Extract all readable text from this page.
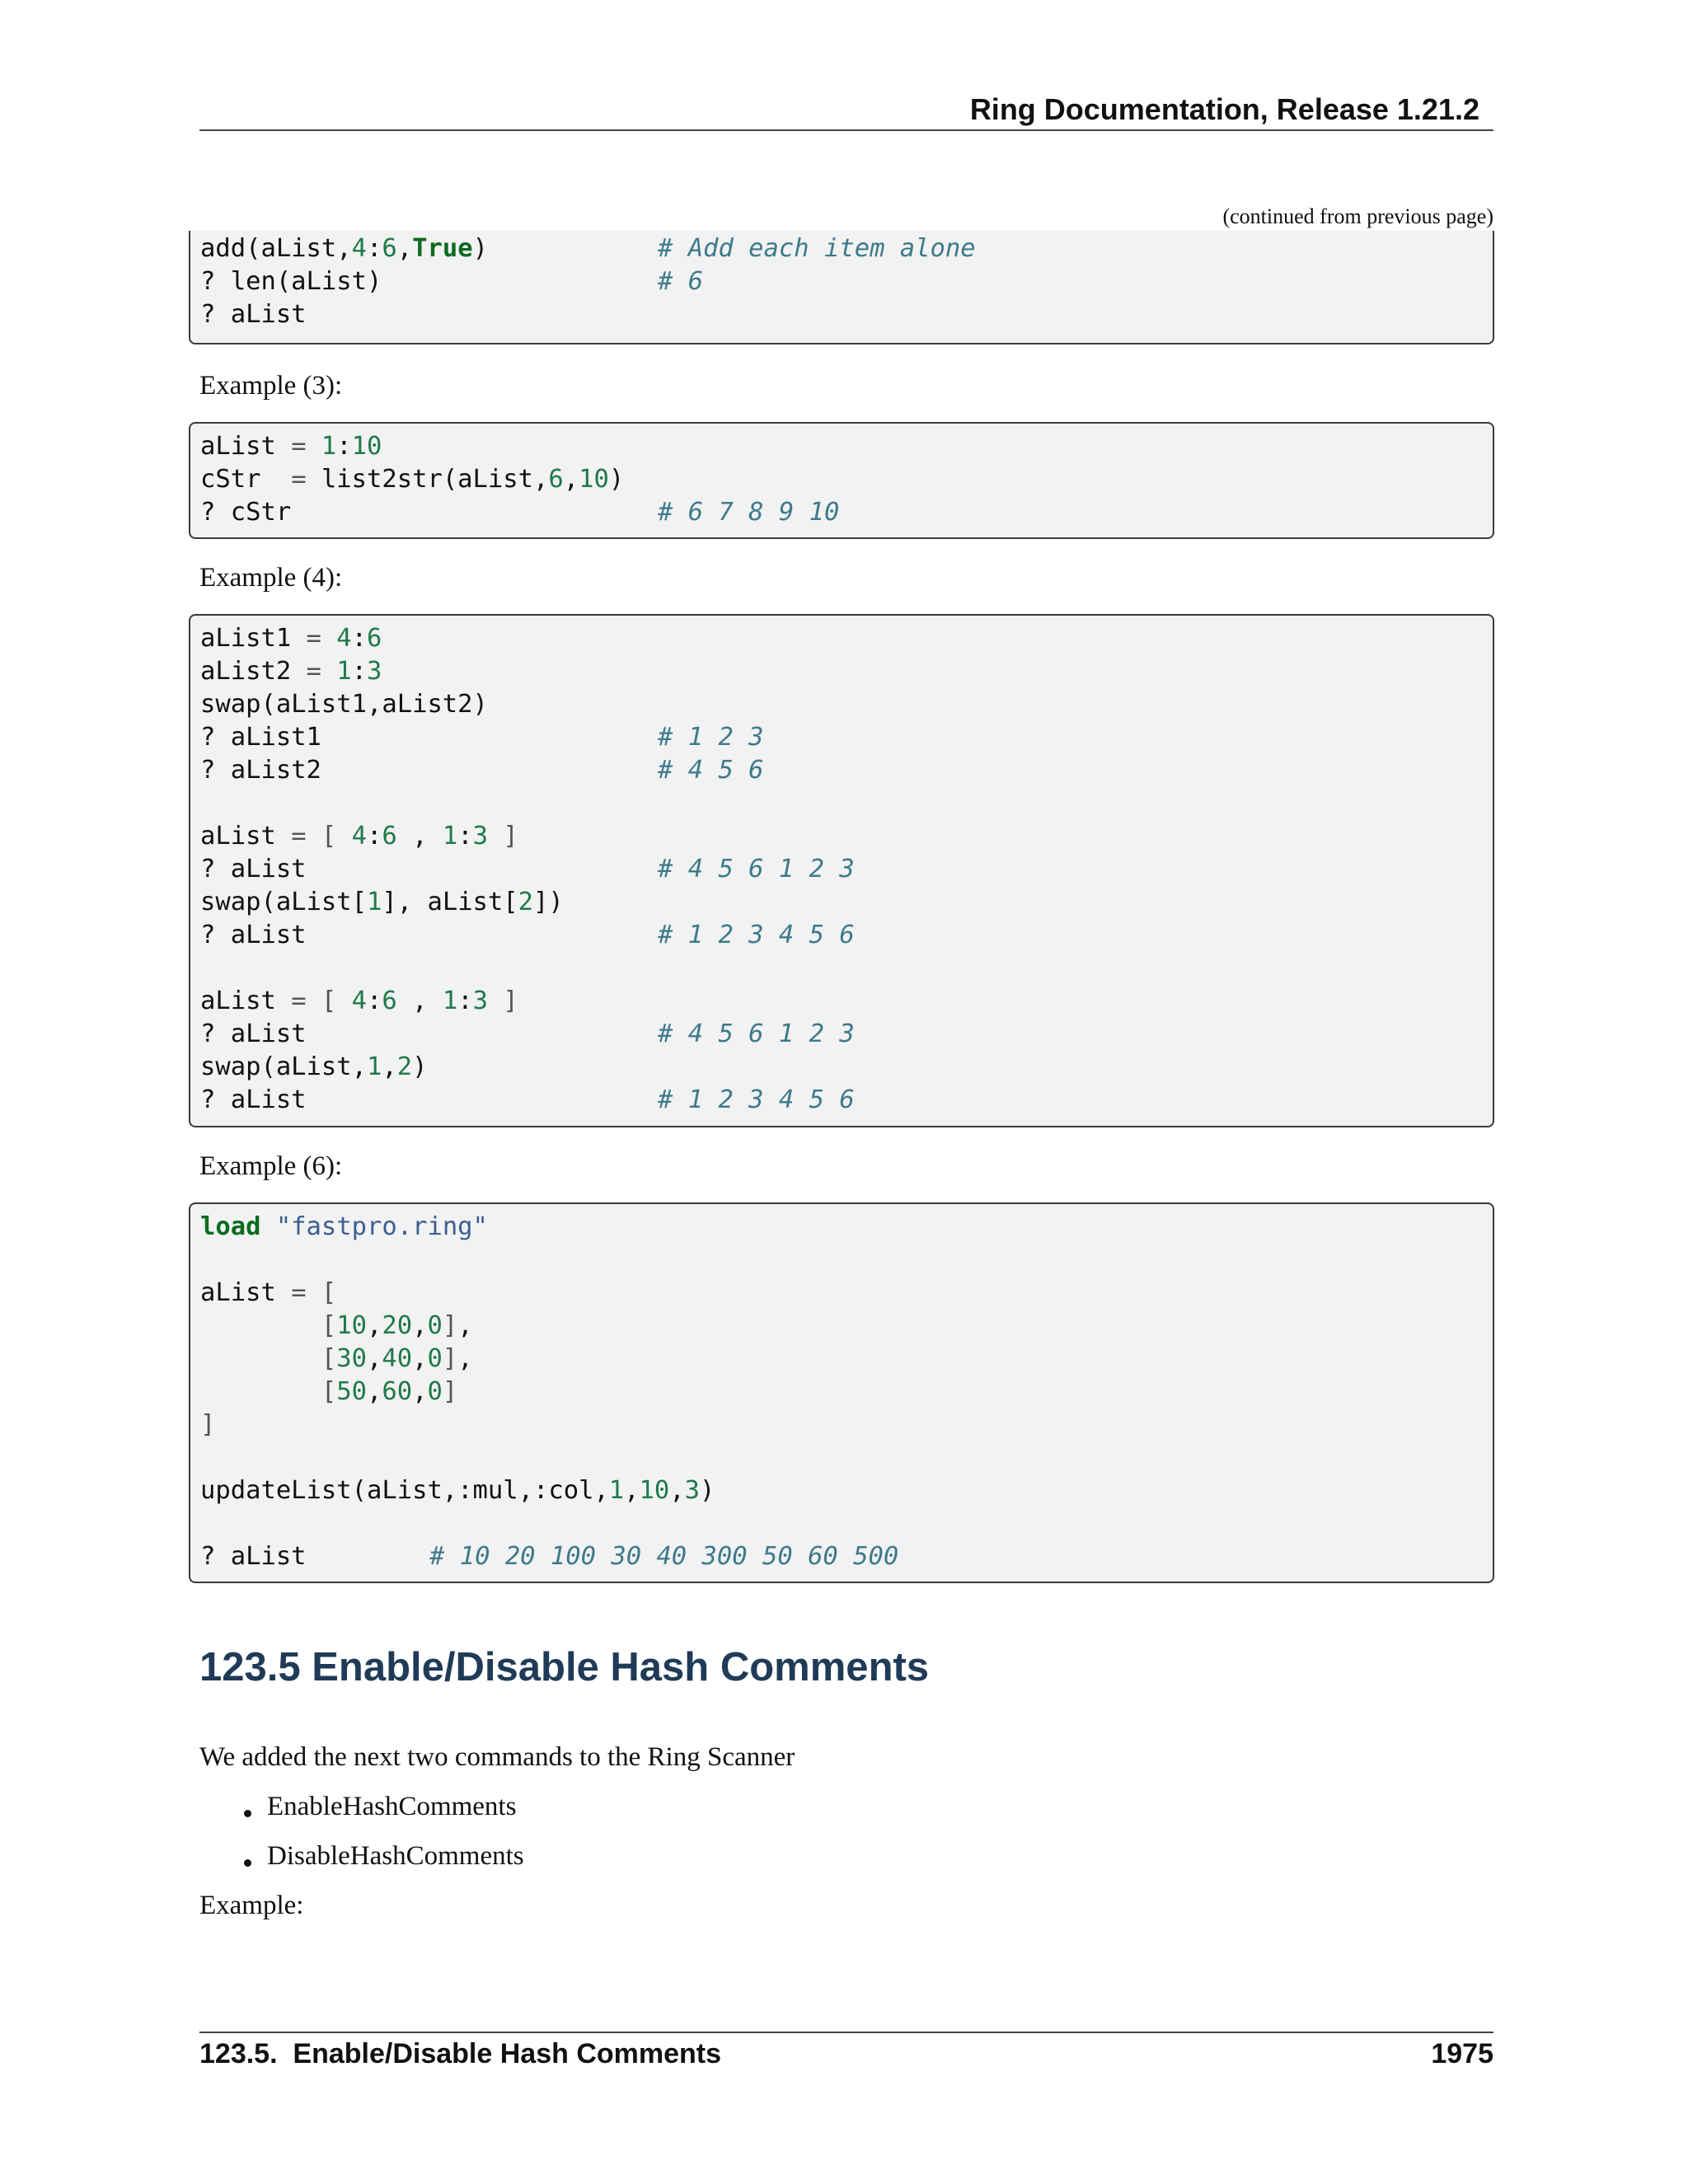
Ring Documentation, Release 1.21.2
(continued from previous page)
add(aList,4:6,True)	# Add each item alone
? len(aList)	# 6
? aList
Example (3):
aList = 1:10
cStr  = list2str(aList,6,10)
? cStr	# 6 7 8 9 10
Example (4):
aList1 = 4:6
aList2 = 1:3
swap(aList1,aList2)
? aList1	# 1 2 3
? aList2	# 4 5 6
aList = [ 4:6 , 1:3 ]
? aList	# 4 5 6 1 2 3
swap(aList[1], aList[2])
? aList	# 1 2 3 4 5 6
aList = [ 4:6 , 1:3 ]
? aList	# 4 5 6 1 2 3
swap(aList,1,2)
? aList	# 1 2 3 4 5 6
Example (6):
load "fastpro.ring"
aList = [
[10,20,0],
[30,40,0],
[50,60,0]
]
updateList(aList,:mul,:col,1,10,3)
? aList	# 10 20 100 30 40 300 50 60 500
123.5 Enable/Disable Hash Comments
We added the next two commands to the Ring Scanner
EnableHashComments
DisableHashComments
Example:
123.5.  Enable/Disable Hash Comments	1975
